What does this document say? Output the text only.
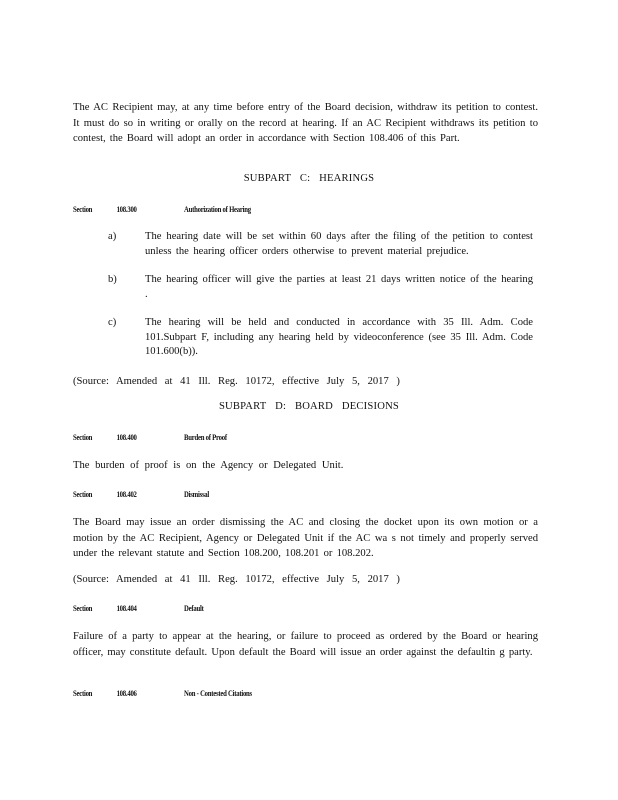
The AC Recipient may, at any time before entry of the Board decision, withdraw its petition to contest. It must do so in writing or orally on the record at hearing. If an AC Recipient withdraws its petition to contest, the Board will adopt an order in accordance with Section 108.406 of this Part.
SUBPART C: HEARINGS
Section	108.300	Authorization of Hearing
a)	The hearing date will be set within 60 days after the filing of the petition to contest unless the hearing officer orders otherwise to prevent material prejudice.
b)	The hearing officer will give the parties at least 21 days written notice of the hearing .
c)	The hearing will be held and conducted in accordance with 35 Ill. Adm. Code 101.Subpart F, including any hearing held by videoconference (see 35 Ill. Adm. Code 101.600(b)).
(Source: Amended at 41 Ill. Reg. 10172, effective July 5, 2017 )
SUBPART D: BOARD DECISIONS
Section	108.400	Burden of Proof
The burden of proof is on the Agency or Delegated Unit.
Section	108.402	Dismissal
The Board may issue an order dismissing the AC and closing the docket upon its own motion or a motion by the AC Recipient, Agency or Delegated Unit if the AC wa s not timely and properly served under the relevant statute and Section 108.200, 108.201 or 108.202.
(Source: Amended at 41 Ill. Reg. 10172, effective July 5, 2017 )
Section	108.404	Default
Failure of a party to appear at the hearing, or failure to proceed as ordered by the Board or hearing officer, may constitute default. Upon default the Board will issue an order against the defaultin g party.
Section	108.406	Non - Contested Citations
